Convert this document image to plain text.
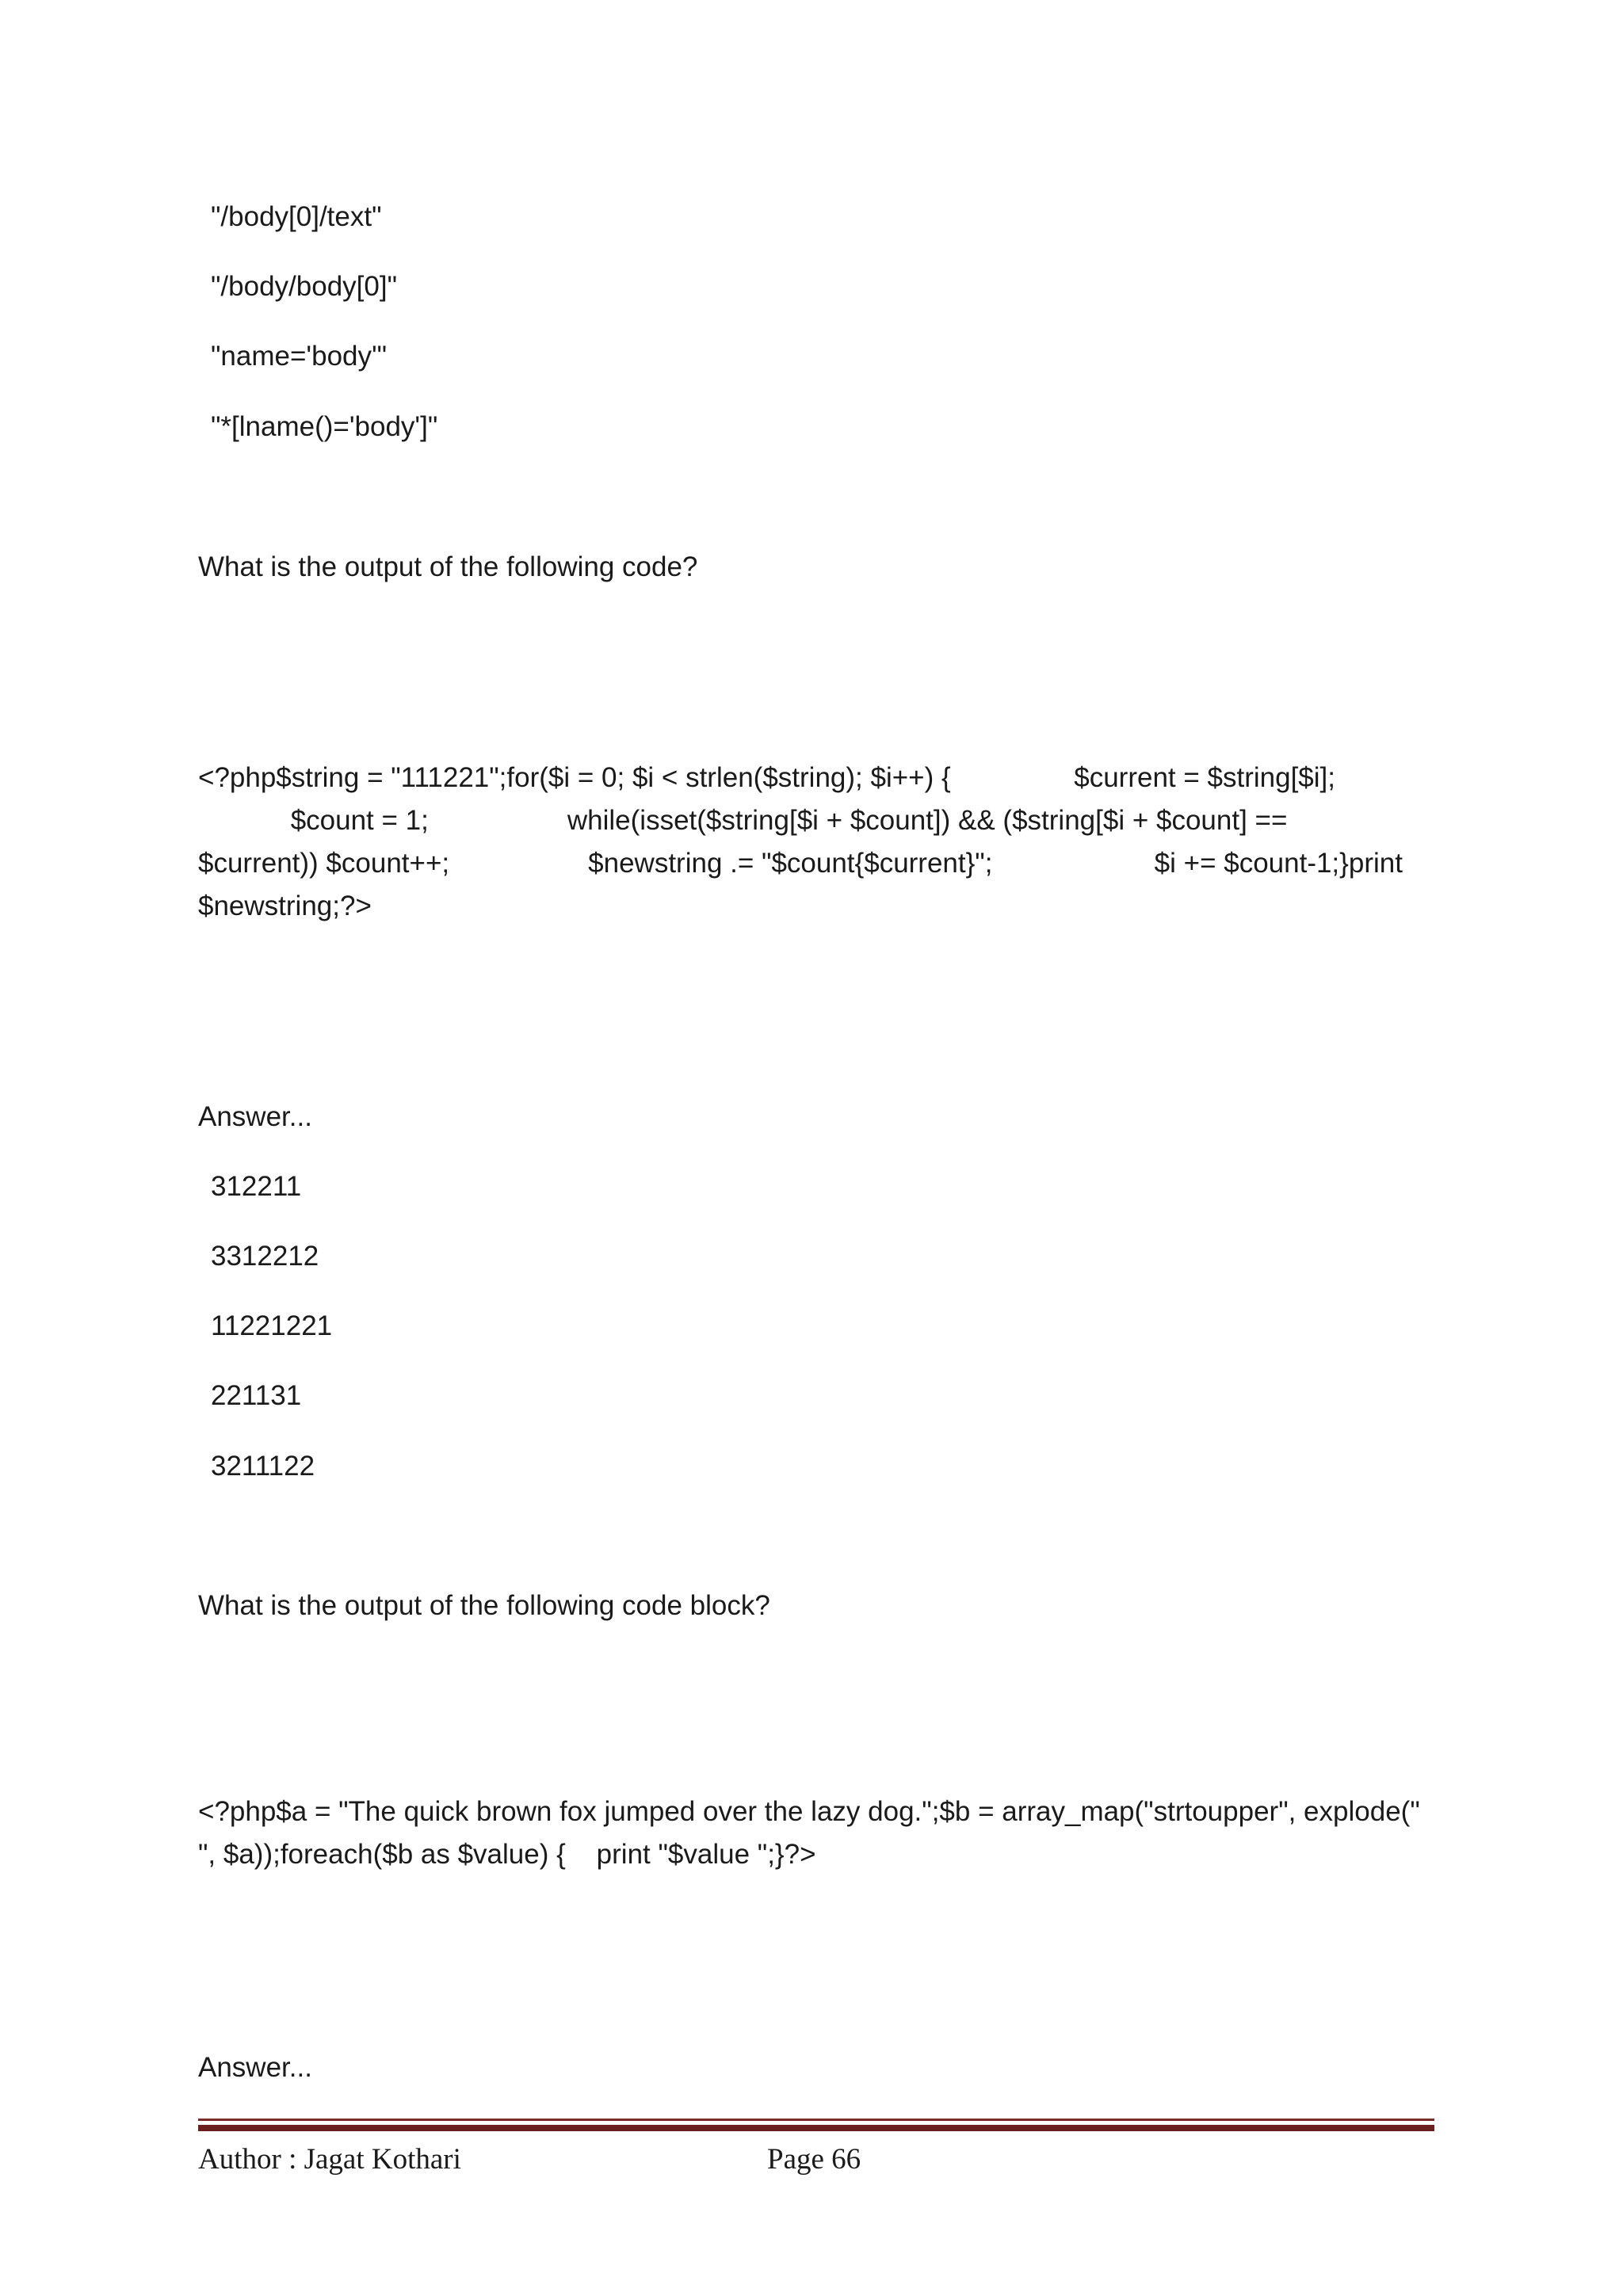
"/body[0]/text"
"/body/body[0]"
"name='body'"
"*[lname()='body']"
What is the output of the following code?
<?php$string = "111221";for($i = 0; $i < strlen($string); $i++) {                $current = $string[$i];
$count = 1;                  while(isset($string[$i + $count]) && ($string[$i + $count] ==
$current)) $count++;                  $newstring .= "$count{$current}";                     $i += $count-1;}print
$newstring;?>
Answer...
312211
3312212
11221221
221131
3211122
What is the output of the following code block?
<?php$a = "The quick brown fox jumped over the lazy dog.";$b = array_map("strtoupper", explode("
", $a));foreach($b as $value) {    print "$value ";}?>
Answer...
Author : Jagat Kothari	Page 66
